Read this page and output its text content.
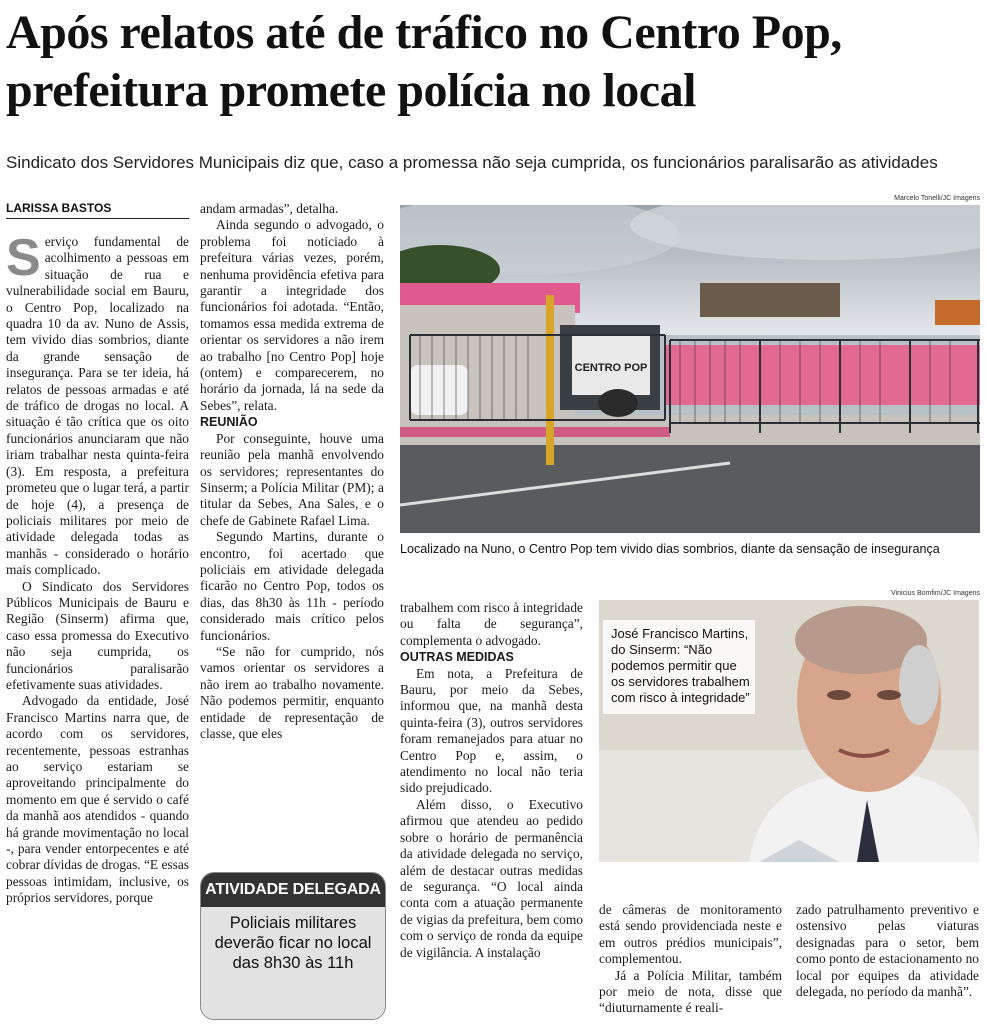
Após relatos até de tráfico no Centro Pop, prefeitura promete polícia no local
Sindicato dos Servidores Municipais diz que, caso a promessa não seja cumprida, os funcionários paralisarão as atividades
LARISSA BASTOS
S erviço fundamental de acolhimento a pessoas em situação de rua e vulnerabilidade social em Bauru, o Centro Pop, localizado na quadra 10 da av. Nuno de Assis, tem vivido dias sombrios, diante da grande sensação de insegurança. Para se ter ideia, há relatos de pessoas armadas e até de tráfico de drogas no local. A situação é tão crítica que os oito funcionários anunciaram que não iriam trabalhar nesta quinta-feira (3). Em resposta, a prefeitura prometeu que o lugar terá, a partir de hoje (4), a presença de policiais militares por meio de atividade delegada todas as manhãs - considerado o horário mais complicado.

O Sindicato dos Servidores Públicos Municipais de Bauru e Região (Sinserm) afirma que, caso essa promessa do Executivo não seja cumprida, os funcionários paralisarão efetivamente suas atividades.

Advogado da entidade, José Francisco Martins narra que, de acordo com os servidores, recentemente, pessoas estranhas ao serviço estariam se aproveitando principalmente do momento em que é servido o café da manhã aos atendidos - quando há grande movimentação no local -, para vender entorpecentes e até cobrar dívidas de drogas. “E essas pessoas intimidam, inclusive, os próprios servidores, porque

andam armadas”, detalha.

Ainda segundo o advogado, o problema foi noticiado à prefeitura várias vezes, porém, nenhuma providência efetiva para garantir a integridade dos funcionários foi adotada. “Então, tomamos essa medida extrema de orientar os servidores a não irem ao trabalho [no Centro Pop] hoje (ontem) e comparecerem, no horário da jornada, lá na sede da Sebes”, relata.

REUNIÃO

Por conseguinte, houve uma reunião pela manhã envolvendo os servidores; representantes do Sinserm; a Polícia Militar (PM); a titular da Sebes, Ana Sales, e o chefe de Gabinete Rafael Lima.

Segundo Martins, durante o encontro, foi acertado que policiais em atividade delegada ficarão no Centro Pop, todos os dias, das 8h30 às 11h - período considerado mais crítico pelos funcionários.

“Se não for cumprido, nós vamos orientar os servidores a não irem ao trabalho novamente. Não podemos permitir, enquanto entidade de representação de classe, que eles

ATIVIDADE DELEGADA
Policiais militares deverão ficar no local das 8h30 às 11h
Marcelo Tonelli/JC Imagens
CENTRO POP
Localizado na Nuno, o Centro Pop tem vivido dias sombrios, diante da sensação de insegurança

trabalhem com risco à integridade ou falta de segurança”, complementa o advogado.

OUTRAS MEDIDAS

Em nota, a Prefeitura de Bauru, por meio da Sebes, informou que, na manhã desta quinta-feira (3), outros servidores foram remanejados para atuar no Centro Pop e, assim, o atendimento no local não teria sido prejudicado.

Além disso, o Executivo afirmou que atendeu ao pedido sobre o horário de permanência da atividade delegada no serviço, além de destacar outras medidas de segurança. “O local ainda conta com a atuação permanente de vigias da prefeitura, bem como com o serviço de ronda da equipe de vigilância. A instalação

Vinicius Bomfim/JC Imagens
José Francisco Martins, do Sinserm: “Não podemos permitir que os servidores trabalhem com risco à integridade”

de câmeras de monitoramento está sendo providenciada neste e em outros prédios municipais”, complementou.

Já a Polícia Militar, também por meio de nota, disse que “diuturnamente é reali-

zado patrulhamento preventivo e ostensivo pelas viaturas designadas para o setor, bem como ponto de estacionamento no local por equipes da atividade delegada, no período da manhã”.
